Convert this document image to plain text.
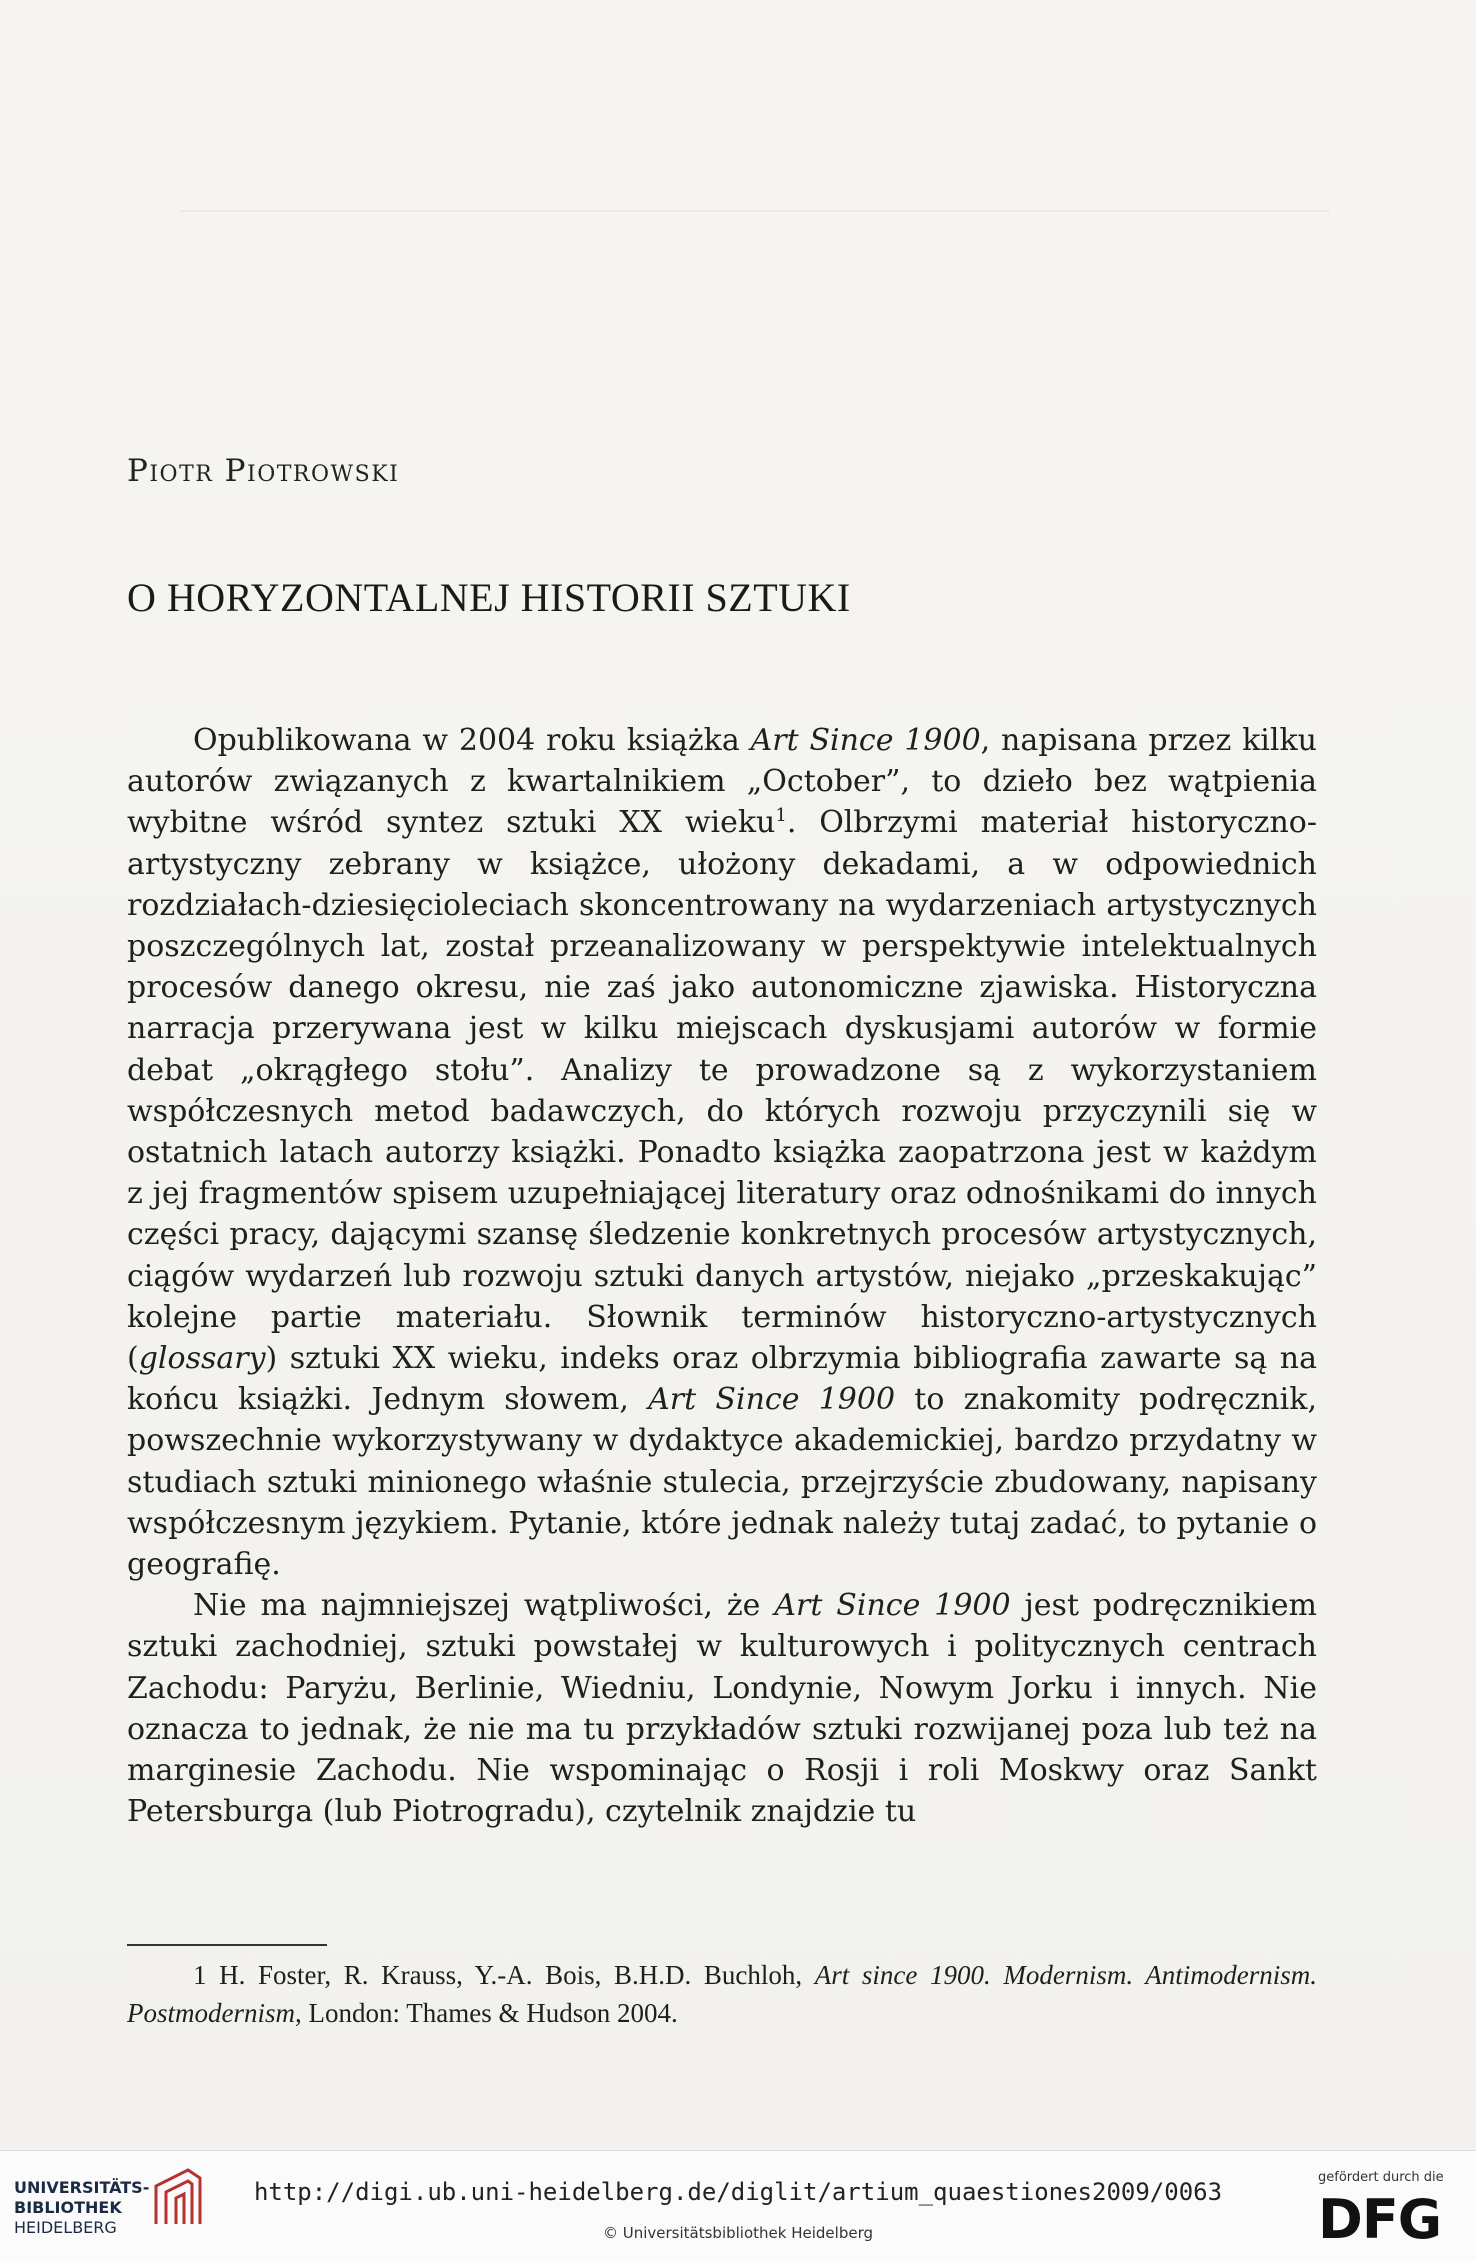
Piotr Piotrowski
O HORYZONTALNEJ HISTORII SZTUKI

Opublikowana w 2004 roku książka Art Since 1900, napisana przez kilku autorów związanych z kwartalnikiem „October”, to dzieło bez wątpienia wybitne wśród syntez sztuki XX wieku$^1$. Olbrzymi materiał historyczno-artystyczny zebrany w książce, ułożony dekadami, a w odpowiednich rozdziałach-dziesięcioleciach skoncentrowany na wydarzeniach artystycznych poszczególnych lat, został przeanalizowany w perspektywie intelektualnych procesów danego okresu, nie zaś jako autonomiczne zjawiska. Historyczna narracja przerywana jest w kilku miejscach dyskusjami autorów w formie debat „okrągłego stołu”. Analizy te prowadzone są z wykorzystaniem współczesnych metod badawczych, do których rozwoju przyczynili się w ostatnich latach autorzy książki. Ponadto książka zaopatrzona jest w każdym z jej fragmentów spisem uzupełniającej literatury oraz odnośnikami do innych części pracy, dającymi szansę śledzenie konkretnych procesów artystycznych, ciągów wydarzeń lub rozwoju sztuki danych artystów, niejako „przeskakując” kolejne partie materiału. Słownik terminów historyczno-artystycznych (glossary) sztuki XX wieku, indeks oraz olbrzymia bibliografia zawarte są na końcu książki. Jednym słowem, Art Since 1900 to znakomity podręcznik, powszechnie wykorzystywany w dydaktyce akademickiej, bardzo przydatny w studiach sztuki minionego właśnie stulecia, przejrzyście zbudowany, napisany współczesnym językiem. Pytanie, które jednak należy tutaj zadać, to pytanie o geografię.

Nie ma najmniejszej wątpliwości, że Art Since 1900 jest podręcznikiem sztuki zachodniej, sztuki powstałej w kulturowych i politycznych centrach Zachodu: Paryżu, Berlinie, Wiedniu, Londynie, Nowym Jorku i innych. Nie oznacza to jednak, że nie ma tu przykładów sztuki rozwijanej poza lub też na marginesie Zachodu. Nie wspominając o Rosji i roli Moskwy oraz Sankt Petersburga (lub Piotrogradu), czytelnik znajdzie tu

1 H. Foster, R. Krauss, Y.-A. Bois, B.H.D. Buchloh, Art since 1900. Modernism. Antimodernism. Postmodernism, London: Thames & Hudson 2004.
UNIVERSITÄTS-
BIBLIOTHEK
HEIDELBERG
http://digi.ub.uni-heidelberg.de/diglit/artium_quaestiones2009/0063
© Universitätsbibliothek Heidelberg
gefördert durch die
DFG
